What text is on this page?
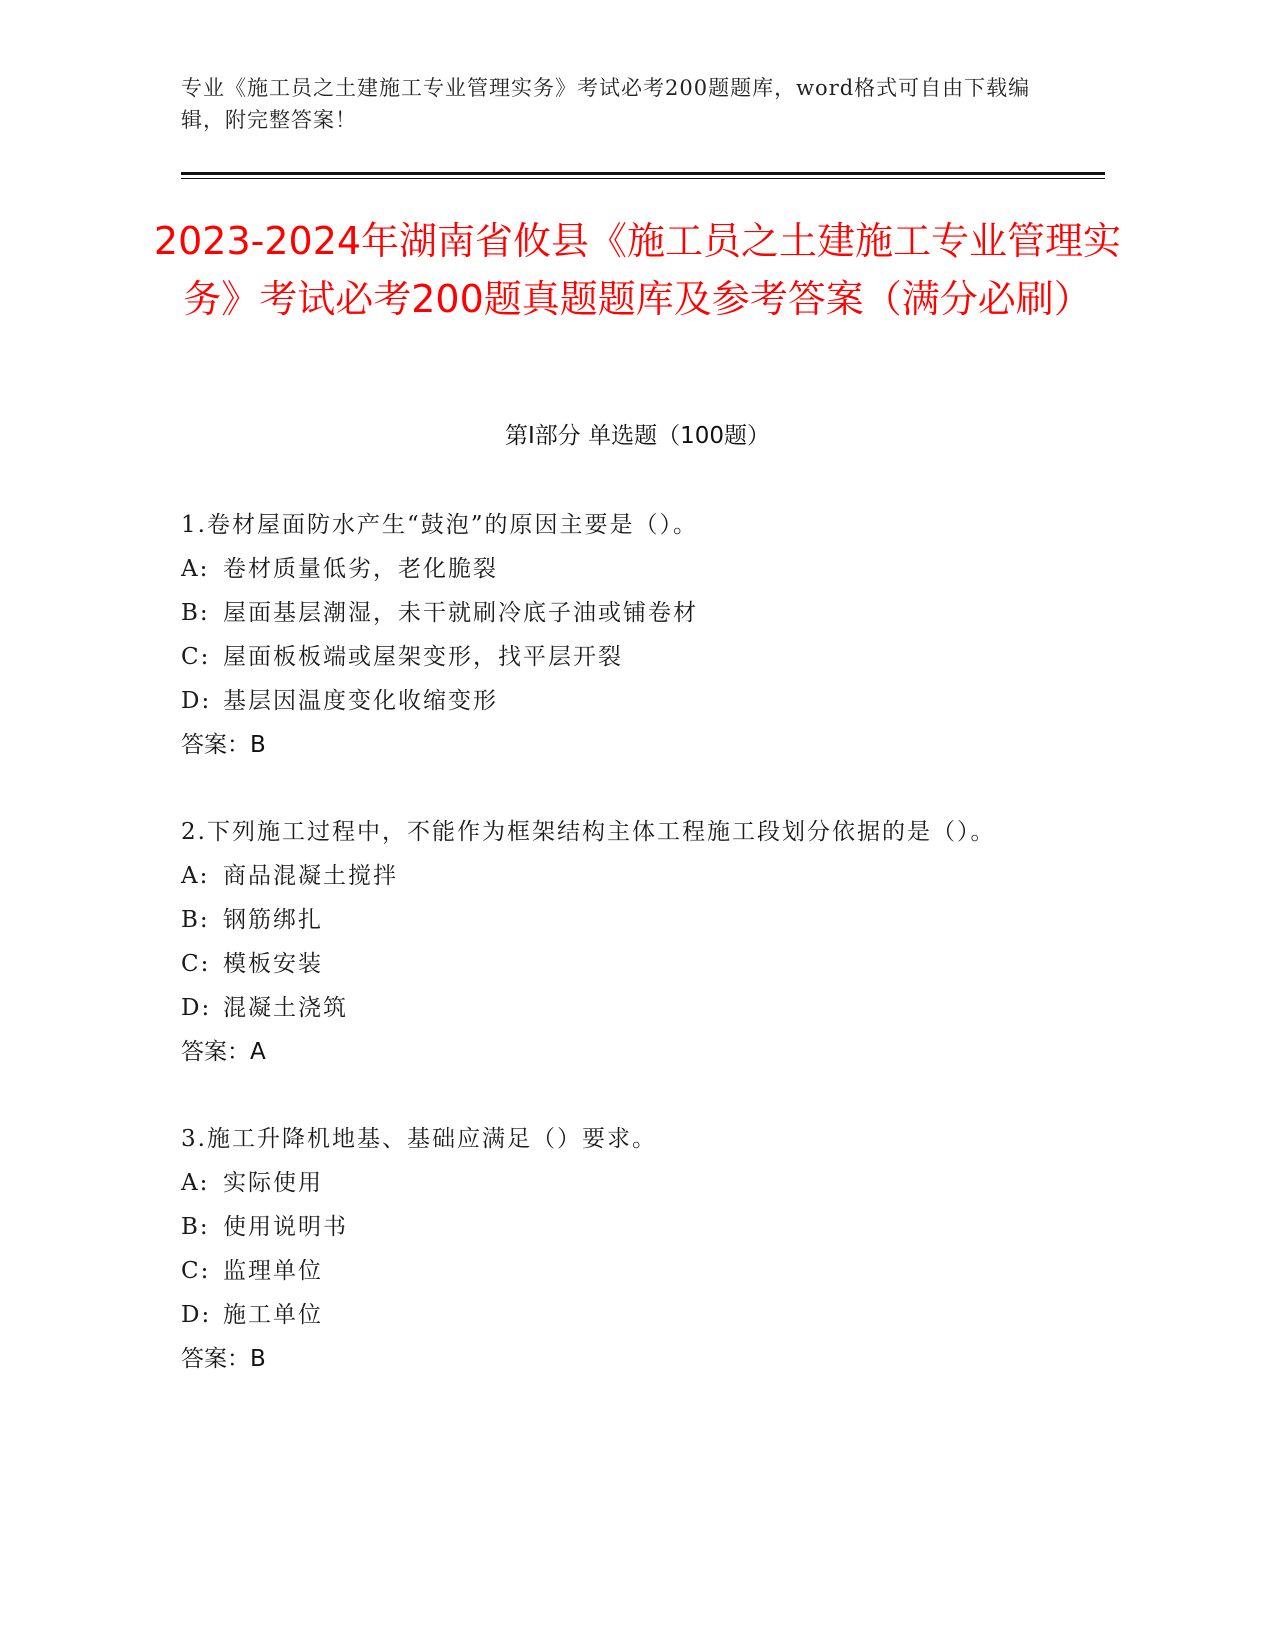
专业《施工员之土建施工专业管理实务》考试必考200题题库，word格式可自由下载编辑，附完整答案！
2023-2024年湖南省攸县《施工员之土建施工专业管理实务》考试必考200题真题题库及参考答案（满分必刷）
第I部分 单选题（100题）

1.卷材屋面防水产生“鼓泡”的原因主要是（）。

A: 卷材质量低劣，老化脆裂

B: 屋面基层潮湿，未干就刷冷底子油或铺卷材

C: 屋面板板端或屋架变形，找平层开裂

D: 基层因温度变化收缩变形

答案：B

2.下列施工过程中，不能作为框架结构主体工程施工段划分依据的是（）。

A: 商品混凝土搅拌

B: 钢筋绑扎

C: 模板安装

D: 混凝土浇筑

答案：A

3.施工升降机地基、基础应满足（）要求。

A: 实际使用

B: 使用说明书

C: 监理单位

D: 施工单位

答案：B
